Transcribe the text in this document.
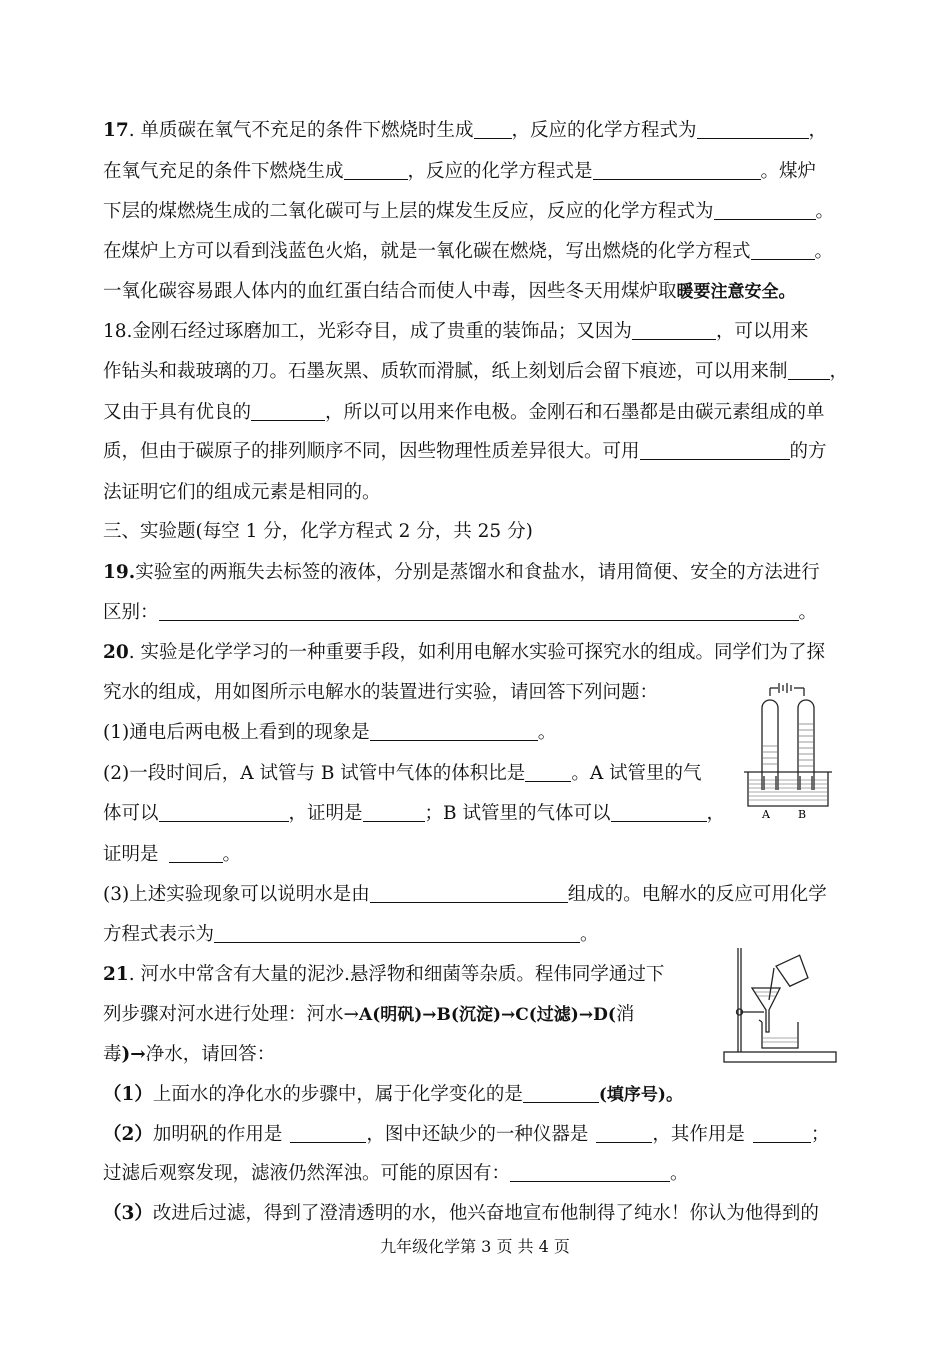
17. 单质碳在氧气不充足的条件下燃烧时生成 ，反应的化学方程式为	，
在氧气充足的条件下燃烧生成	，反应的化学方程式是	。煤炉
下层的煤燃烧生成的二氧化碳可与上层的煤发生反应，反应的化学方程式为	。
在煤炉上方可以看到浅蓝色火焰，就是一氧化碳在燃烧，写出燃烧的化学方程式	。
一氧化碳容易跟人体内的血红蛋白结合而使人中毒，因些冬天用煤炉取暖要注意安全。
18.金刚石经过琢磨加工，光彩夺目，成了贵重的装饰品；又因为	，可以用来
作钻头和裁玻璃的刀。石墨灰黑、质软而滑腻，纸上刻划后会留下痕迹，可以用来制 ，
又由于具有优良的	，所以可以用来作电极。金刚石和石墨都是由碳元素组成的单
质，但由于碳原子的排列顺序不同，因些物理性质差异很大。可用	的方
法证明它们的组成元素是相同的。
三、实验题(每空 1 分，化学方程式 2 分，共 25 分)
19.实验室的两瓶失去标签的液体，分别是蒸馏水和食盐水，请用简便、安全的方法进行
区别：	。
20. 实验是化学学习的一种重要手段，如利用电解水实验可探究水的组成。同学们为了探
究水的组成，用如图所示电解水的装置进行实验，请回答下列问题：
(1)通电后两电极上看到的现象是	。
(2)一段时间后，A 试管与 B 试管中气体的体积比是 。A 试管里的气
体可以	，证明是	；B 试管里的气体可以	，
证明是	。
(3)上述实验现象可以说明水是由	组成的。电解水的反应可用化学
方程式表示为	。
A	B
21. 河水中常含有大量的泥沙.悬浮物和细菌等杂质。程伟同学通过下
列步骤对河水进行处理：河水→A(明矾)→B(沉淀)→C(过滤)→D(消
毒)→净水，请回答：
（1）上面水的净化水的步骤中，属于化学变化的是	(填序号)。
（2）加明矾的作用是	，图中还缺少的一种仪器是	，其作用是	；
过滤后观察发现，滤液仍然浑浊。可能的原因有：	。
（3）改进后过滤，得到了澄清透明的水，他兴奋地宣布他制得了纯水！你认为他得到的
九年级化学第 3 页 共 4 页
